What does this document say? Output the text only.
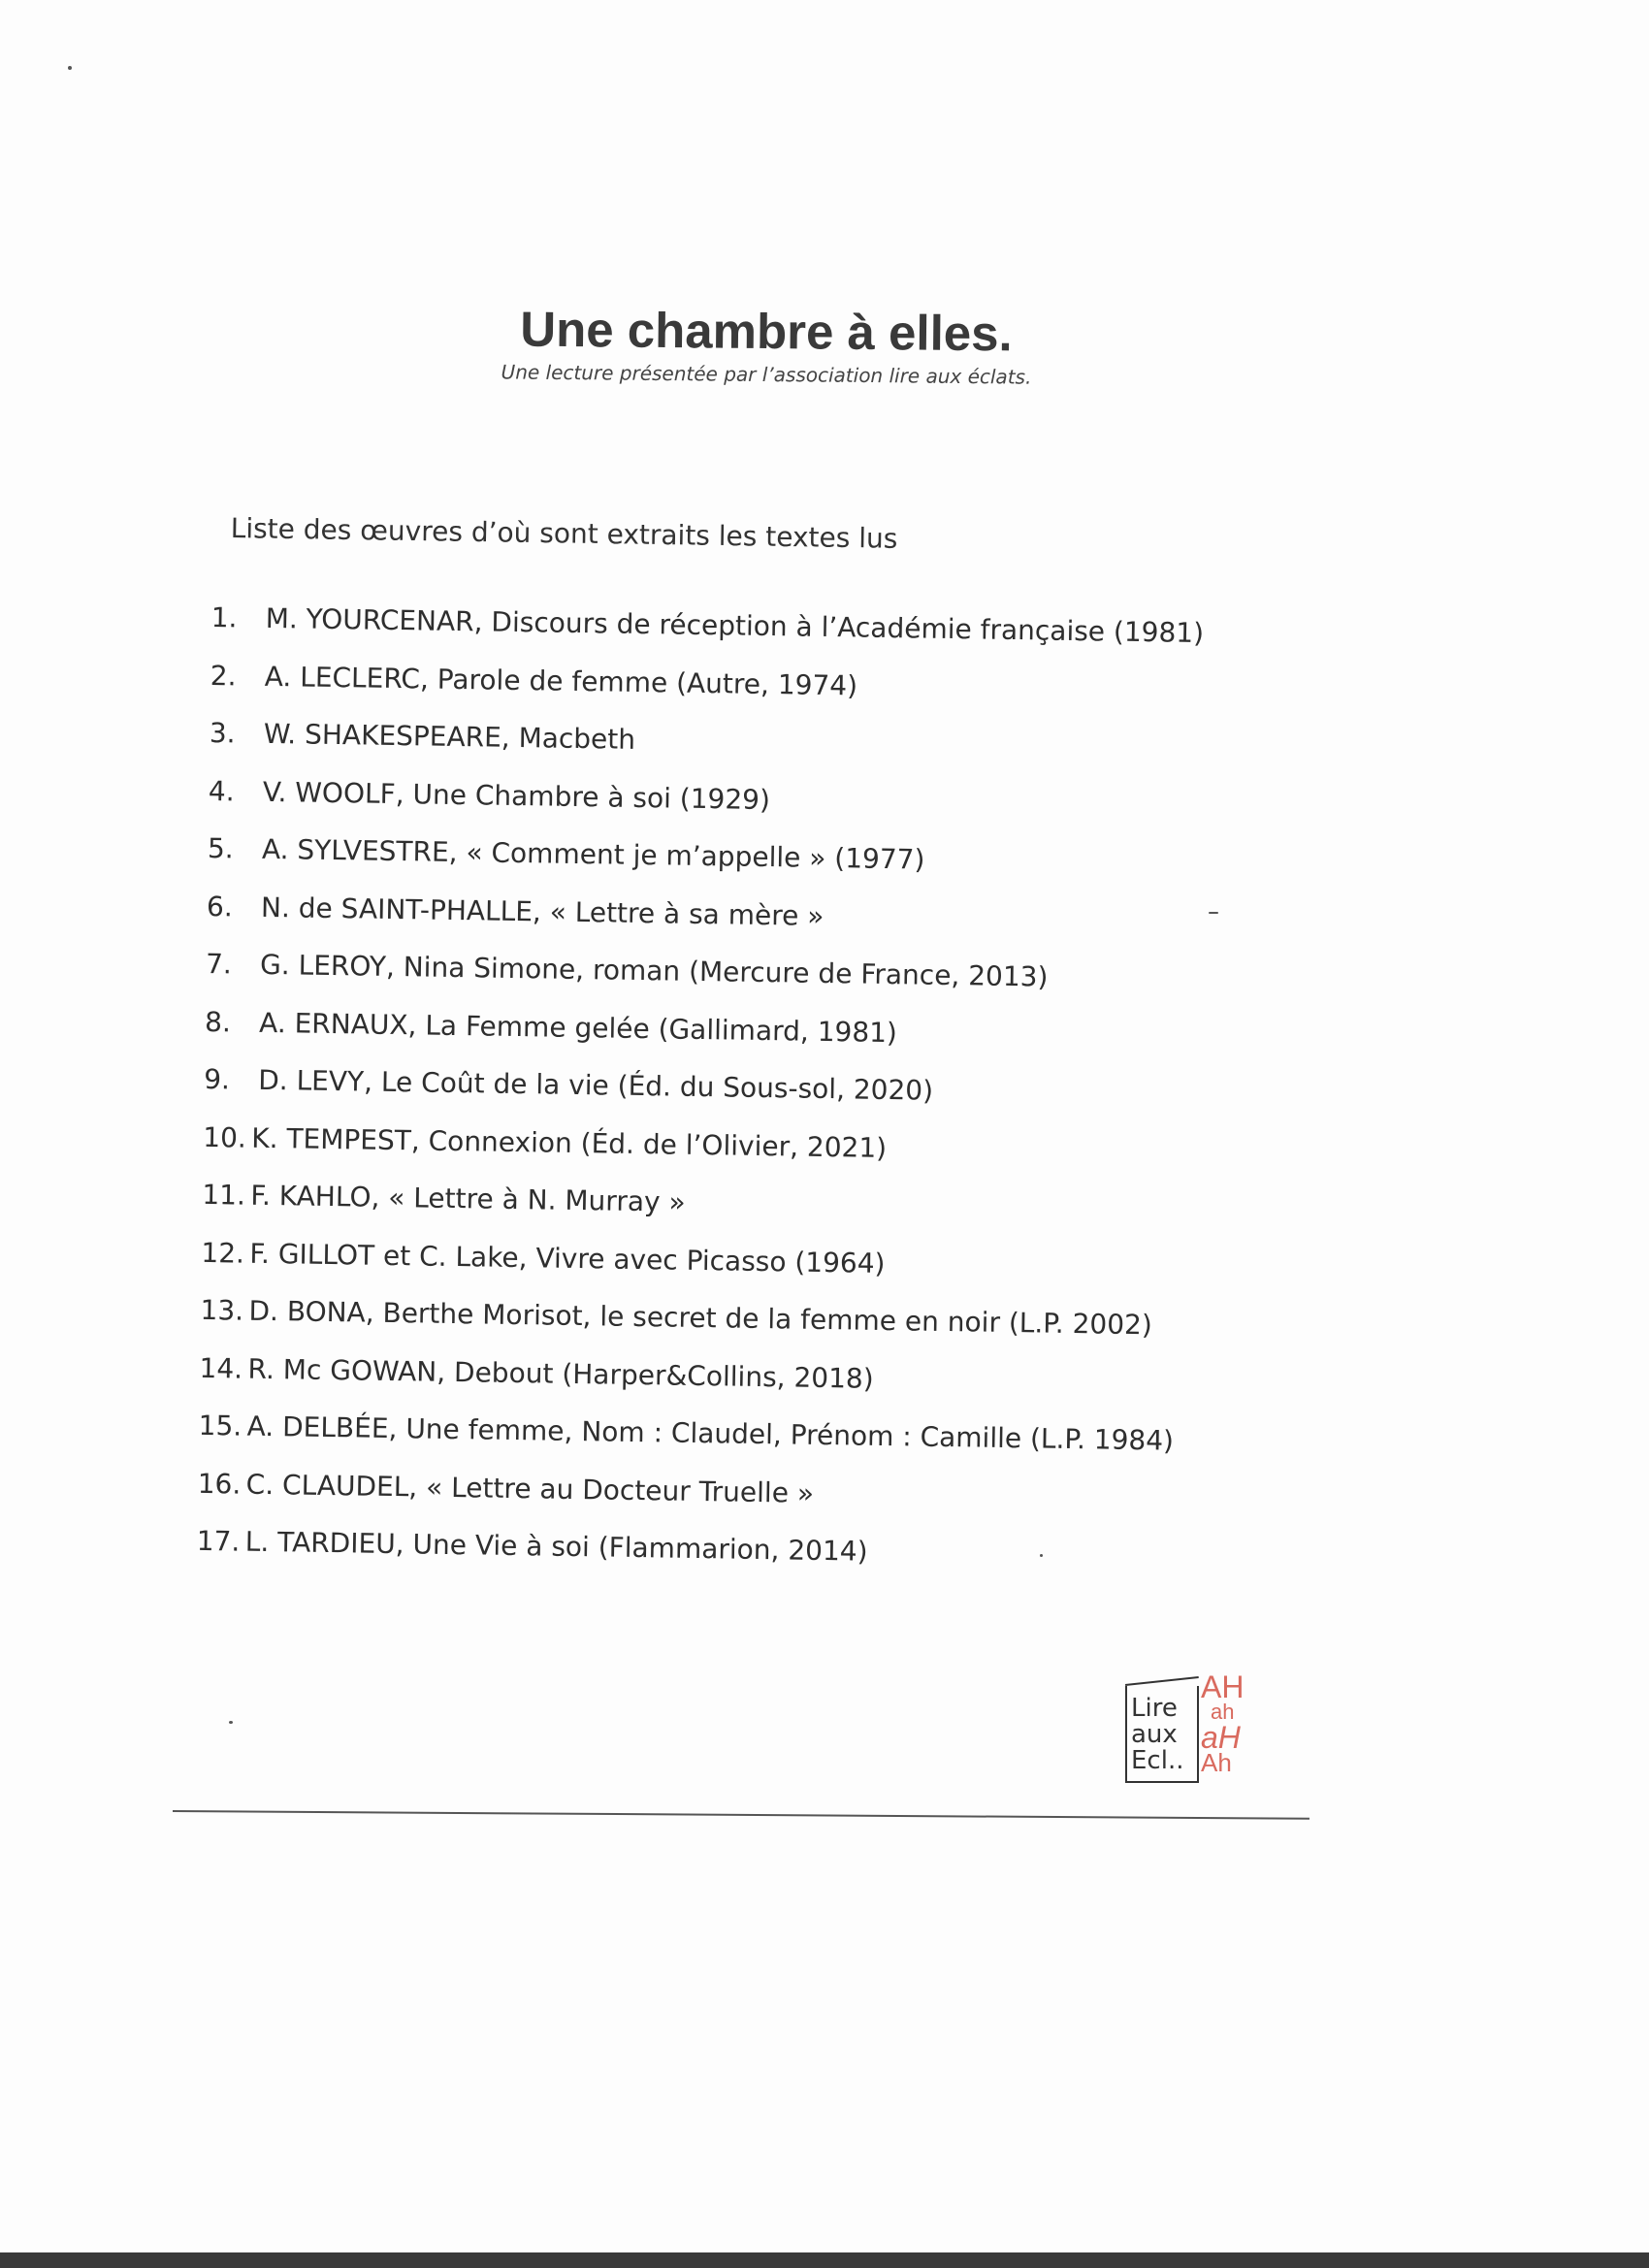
Une chambre à elles.
Une lecture présentée par l’association lire aux éclats.
Liste des œuvres d’où sont extraits les textes lus
1. M. YOURCENAR, Discours de réception à l’Académie française (1981)
2. A. LECLERC, Parole de femme (Autre, 1974)
3. W. SHAKESPEARE, Macbeth
4. V. WOOLF, Une Chambre à soi (1929)
5. A. SYLVESTRE, « Comment je m’appelle » (1977)
6. N. de SAINT-PHALLE, « Lettre à sa mère »
7. G. LEROY, Nina Simone, roman (Mercure de France, 2013)
8. A. ERNAUX, La Femme gelée (Gallimard, 1981)
9. D. LEVY, Le Coût de la vie (Éd. du Sous-sol, 2020)
10. K. TEMPEST, Connexion (Éd. de l’Olivier, 2021)
11. F. KAHLO, « Lettre à N. Murray »
12. F. GILLOT et C. Lake, Vivre avec Picasso (1964)
13. D. BONA, Berthe Morisot, le secret de la femme en noir (L.P. 2002)
14. R. Mc GOWAN, Debout (Harper&Collins, 2018)
15. A. DELBÉE, Une femme, Nom : Claudel, Prénom : Camille (L.P. 1984)
16. C. CLAUDEL, « Lettre au Docteur Truelle »
17. L. TARDIEU, Une Vie à soi (Flammarion, 2014)
Lire
aux
Ecl..
AH
ah
aH
Ah
